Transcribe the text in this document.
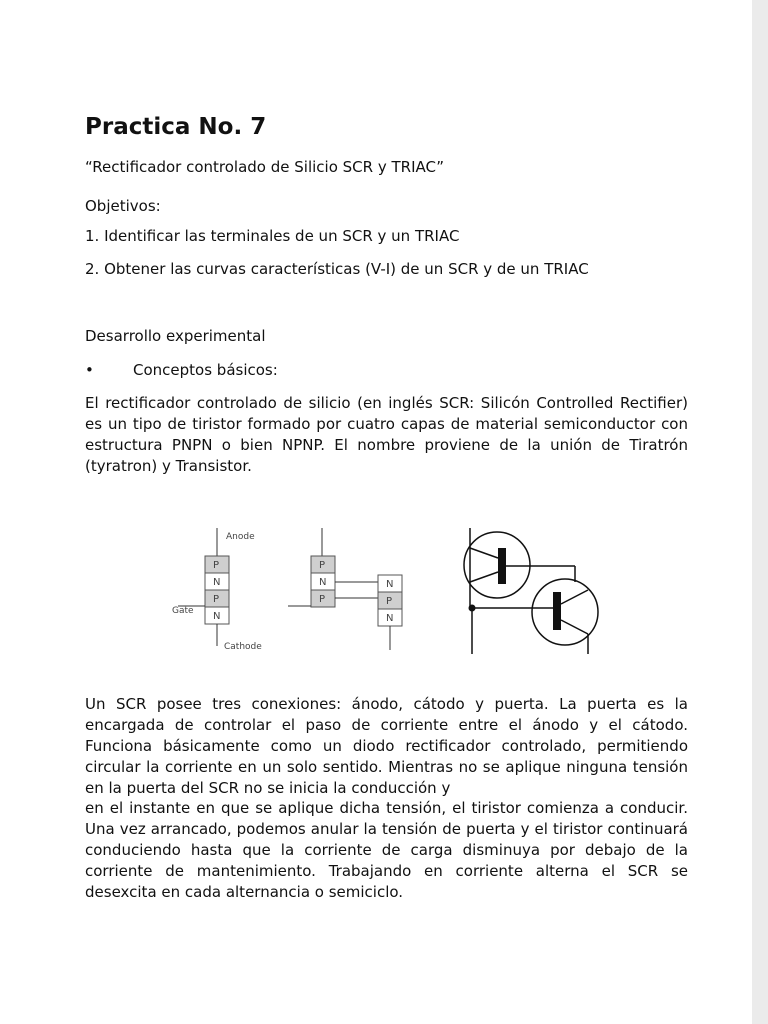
Practica No. 7

“Rectificador controlado de Silicio SCR y TRIAC”

Objetivos:

1. Identificar las terminales de un SCR y un TRIAC

2. Obtener las curvas características (V-I) de un SCR y de un TRIAC

Desarrollo experimental

•	Conceptos básicos:

El rectificador controlado de silicio (en inglés SCR: Silicón Controlled Rectifier) es un tipo de tiristor formado por cuatro capas de material semiconductor con estructura PNPN o bien NPNP. El nombre proviene de la unión de Tiratrón (tyratron) y Transistor.

Un SCR posee tres conexiones: ánodo, cátodo y puerta. La puerta es la encargada de controlar el paso de corriente entre el ánodo y el cátodo. Funciona básicamente como un diodo rectificador controlado, permitiendo circular la corriente en un solo sentido. Mientras no se aplique ninguna tensión en la puerta del SCR no se inicia la conducción y

en el instante en que se aplique dicha tensión, el tiristor comienza a conducir. Una vez arrancado, podemos anular la tensión de puerta y el tiristor continuará conduciendo hasta que la corriente de carga disminuya por debajo de la corriente de mantenimiento. Trabajando en corriente alterna el SCR se desexcita en cada alternancia o semiciclo.

Anode
P
N
P
N
Gate
Cathode
P
N
P
N
P
N
